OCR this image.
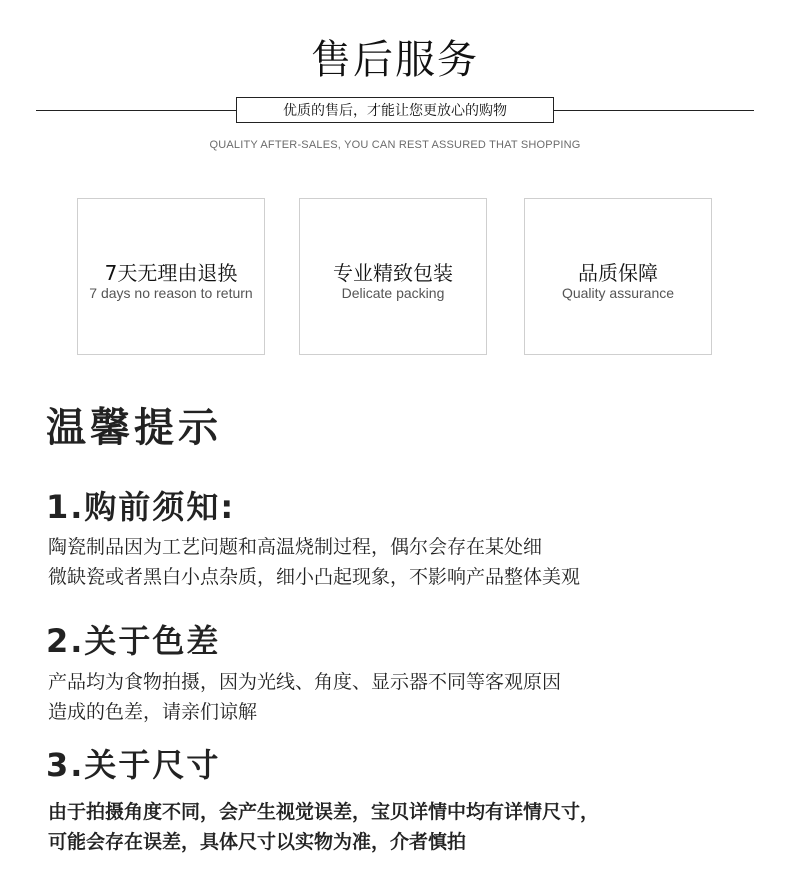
售后服务
优质的售后，才能让您更放心的购物
QUALITY AFTER-SALES, YOU CAN REST ASSURED THAT SHOPPING
7天无理由退换
7 days no reason to return
专业精致包装
Delicate packing
品质保障
Quality assurance
温馨提示
1.购前须知:
陶瓷制品因为工艺问题和高温烧制过程，偶尔会存在某处细
微缺瓷或者黑白小点杂质，细小凸起现象，不影响产品整体美观
2.关于色差
产品均为食物拍摄，因为光线、角度、显示器不同等客观原因
造成的色差，请亲们谅解
3.关于尺寸
由于拍摄角度不同，会产生视觉误差，宝贝详情中均有详情尺寸，
可能会存在误差，具体尺寸以实物为准，介者慎拍
